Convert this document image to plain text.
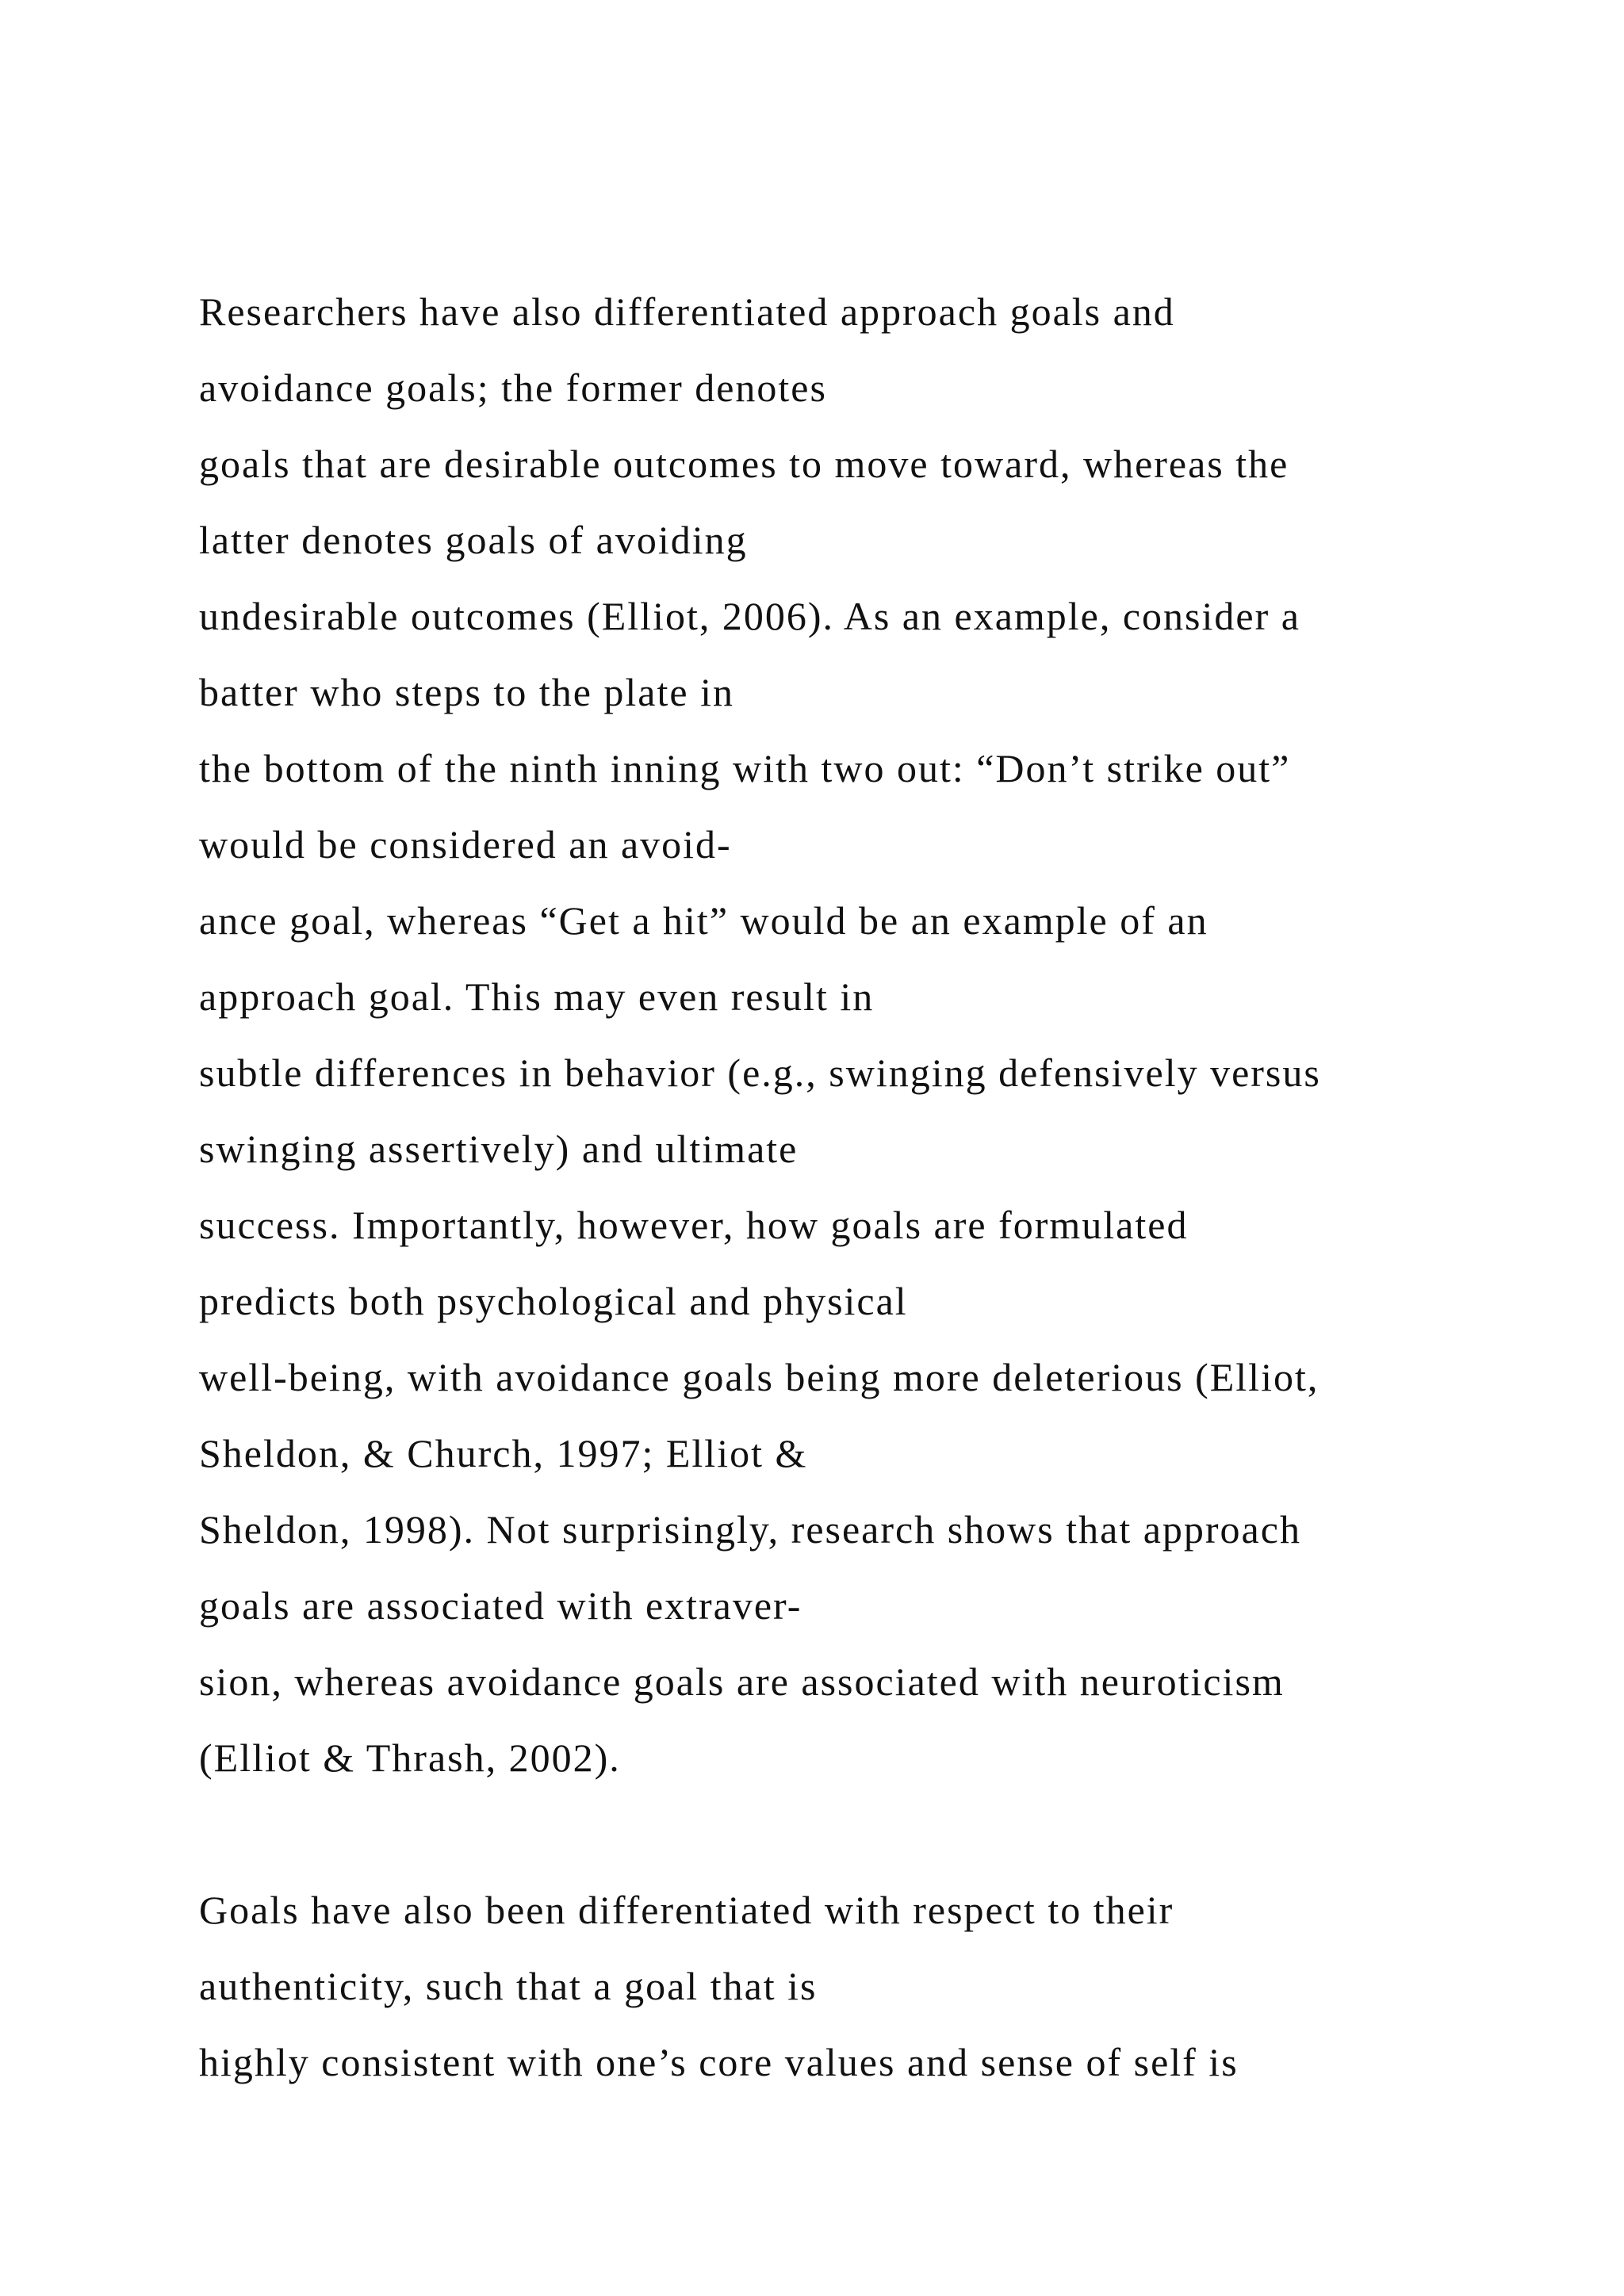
Researchers have also differentiated approach goals and
avoidance goals; the former denotes
goals that are desirable outcomes to move toward, whereas the
latter denotes goals of avoiding
undesirable outcomes (Elliot, 2006). As an example, consider a
batter who steps to the plate in
the bottom of the ninth inning with two out: “Don’t strike out”
would be considered an avoid-
ance goal, whereas “Get a hit” would be an example of an
approach goal. This may even result in
subtle differences in behavior (e.g., swinging defensively versus
swinging assertively) and ultimate
success. Importantly, however, how goals are formulated
predicts both psychological and physical
well-being, with avoidance goals being more deleterious (Elliot,
Sheldon, & Church, 1997; Elliot &
Sheldon, 1998). Not surprisingly, research shows that approach
goals are associated with extraver-
sion, whereas avoidance goals are associated with neuroticism
(Elliot & Thrash, 2002).
Goals have also been differentiated with respect to their
authenticity, such that a goal that is
highly consistent with one’s core values and sense of self is
